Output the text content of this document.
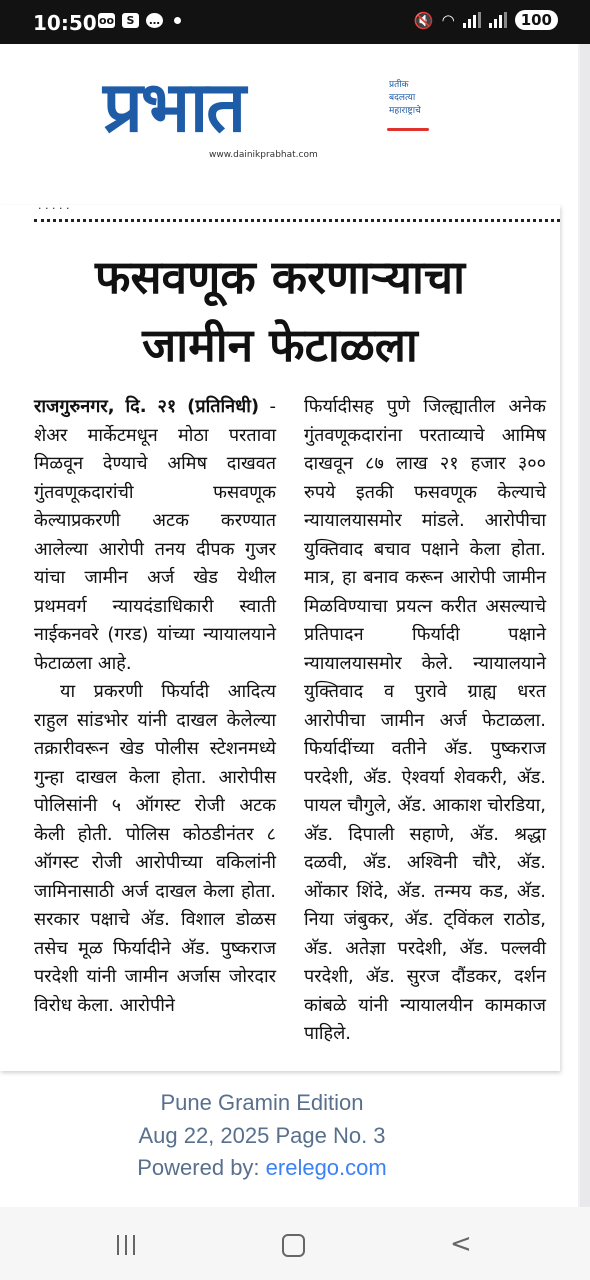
10:50 oo	S	…	🔇 ◠	100
प्रभात	प्रतीक
बदलत्या
महाराष्ट्राचे
www.dainikprabhat.com
. . . . .
फसवणूक करणाऱ्याचा
जामीन फेटाळला

राजगुरुनगर, दि. २१ (प्रतिनिधी) - शेअर मार्केटमधून मोठा परतावा मिळवून देण्याचे अमिष दाखवत गुंतवणूकदारांची फसवणूक केल्याप्रकरणी अटक करण्यात आलेल्या आरोपी तनय दीपक गुजर यांचा जामीन अर्ज खेड येथील प्रथमवर्ग न्यायदंडाधिकारी स्वाती नाईकनवरे (गरड) यांच्या न्यायालयाने फेटाळला आहे.

या प्रकरणी फिर्यादी आदित्य राहुल सांडभोर यांनी दाखल केलेल्या तक्रारीवरून खेड पोलीस स्टेशनमध्ये गुन्हा दाखल केला होता. आरोपीस पोलिसांनी ५ ऑगस्ट रोजी अटक केली होती. पोलिस कोठडीनंतर ८ ऑगस्ट रोजी आरोपीच्या वकिलांनी जामिनासाठी अर्ज दाखल केला होता. सरकार पक्षाचे अ‍ॅड. विशाल डोळस तसेच मूळ फिर्यादीने अ‍ॅड. पुष्कराज परदेशी यांनी जामीन अर्जास जोरदार विरोध केला. आरोपीने

फिर्यादीसह पुणे जिल्ह्यातील अनेक गुंतवणूकदारांना परताव्याचे आमिष दाखवून ८७ लाख २१ हजार ३०० रुपये इतकी फसवणूक केल्याचे न्यायालयासमोर मांडले. आरोपीचा युक्तिवाद बचाव पक्षाने केला होता. मात्र, हा बनाव करून आरोपी जामीन मिळविण्याचा प्रयत्न करीत असल्याचे प्रतिपादन फिर्यादी पक्षाने न्यायालयासमोर केले. न्यायालयाने युक्तिवाद व पुरावे ग्राह्य धरत आरोपीचा जामीन अर्ज फेटाळला. फिर्यादींच्या वतीने अ‍ॅड. पुष्कराज परदेशी, अ‍ॅड. ऐश्वर्या शेवकरी, अ‍ॅड. पायल चौगुले, अ‍ॅड. आकाश चोरडिया, अ‍ॅड. दिपाली सहाणे, अ‍ॅड. श्रद्धा दळवी, अ‍ॅड. अश्विनी चौरे, अ‍ॅड. ओंकार शिंदे, अ‍ॅड. तन्मय कड, अ‍ॅड. निया जंबुकर, अ‍ॅड. ट्विंकल राठोड, अ‍ॅड. अतेज्ञा परदेशी, अ‍ॅड. पल्लवी परदेशी, अ‍ॅड. सुरज दौंडकर, दर्शन कांबळे यांनी न्यायालयीन कामकाज पाहिले.

Pune Gramin Edition
Aug 22, 2025 Page No. 3
Powered by: erelego.com
<
